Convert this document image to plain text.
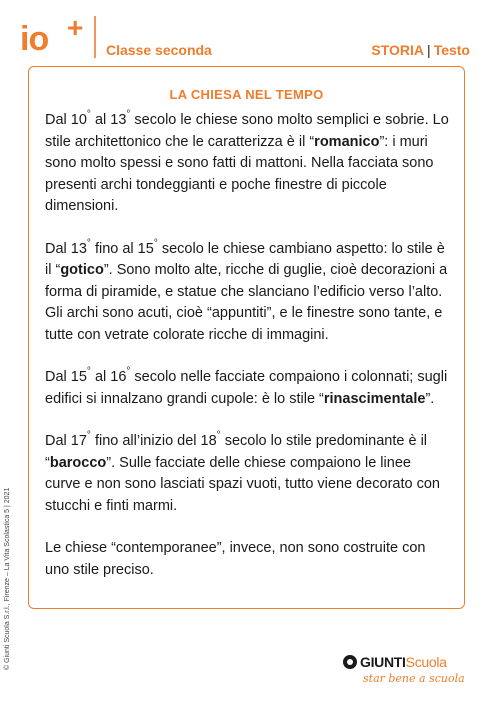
io +
Classe seconda	STORIA | Testo
LA CHIESA NEL TEMPO

Dal 10° al 13° secolo le chiese sono molto semplici e sobrie. Lo stile architettonico che le caratterizza è il “romanico”: i muri sono molto spessi e sono fatti di mattoni. Nella facciata sono presenti archi tondeggianti e poche finestre di piccole dimensioni.

Dal 13° fino al 15° secolo le chiese cambiano aspetto: lo stile è il “gotico”. Sono molto alte, ricche di guglie, cioè decorazioni a forma di piramide, e statue che slanciano l’edificio verso l’alto. Gli archi sono acuti, cioè “appuntiti”, e le finestre sono tante, e tutte con vetrate colorate ricche di immagini.

Dal 15° al 16° secolo nelle facciate compaiono i colonnati; sugli edifici si innalzano grandi cupole: è lo stile “rinascimentale”.

Dal 17° fino all’inizio del 18° secolo lo stile predominante è il “barocco”. Sulle facciate delle chiese compaiono le linee curve e non sono lasciati spazi vuoti, tutto viene decorato con stucchi e finti marmi.

Le chiese “contemporanee”, invece, non sono costruite con uno stile preciso.

© Giunti Scuola S.r.l., Firenze – La Vita Scolastica 5 | 2021	GIUNTIScuola
star bene a scuola
